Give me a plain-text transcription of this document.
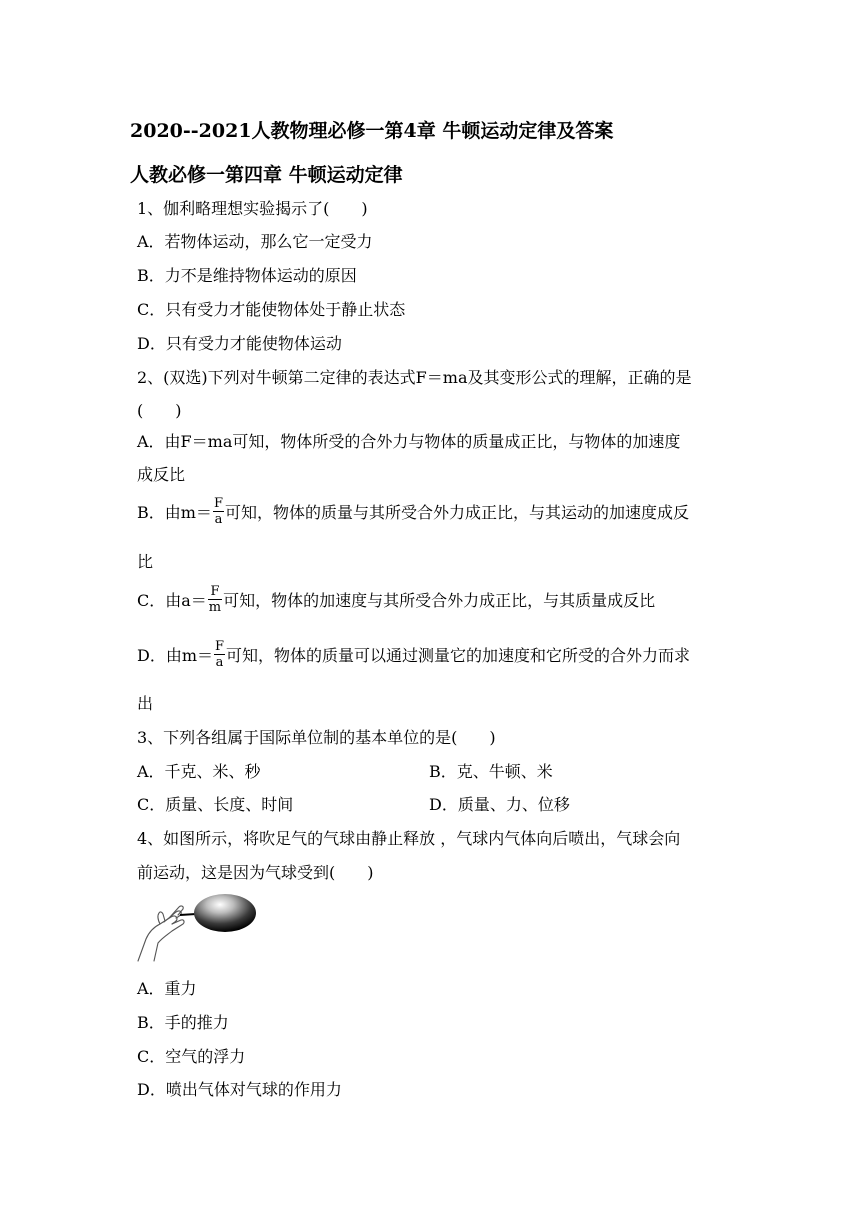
2020--2021人教物理必修一第4章 牛顿运动定律及答案
人教必修一第四章 牛顿运动定律
1、伽利略理想实验揭示了(　　)
A．若物体运动，那么它一定受力
B．力不是维持物体运动的原因
C．只有受力才能使物体处于静止状态
D．只有受力才能使物体运动
2、(双选)下列对牛顿第二定律的表达式F＝ma及其变形公式的理解，正确的是
(　　)
A．由F＝ma可知，物体所受的合外力与物体的质量成正比，与物体的加速度
成反比
B．由$m= \frac{F}{a}$ 可知，物体的质量与其所受合外力成正比，与其运动的加速度成反
比
C．由$a= \frac{F}{m}$ 可知，物体的加速度与其所受合外力成正比，与其质量成反比
D．由$m= \frac{F}{a}$ 可知，物体的质量可以通过测量它的加速度和它所受的合外力而求
出
3、下列各组属于国际单位制的基本单位的是(　　)
A．千克、米、秒	B．克、牛顿、米
C．质量、长度、时间	D．质量、力、位移
4、如图所示，将吹足气的气球由静止释放 ，气球内气体向后喷出，气球会向
前运动，这是因为气球受到(　　)
A．重力
B．手的推力
C．空气的浮力
D．喷出气体对气球的作用力
